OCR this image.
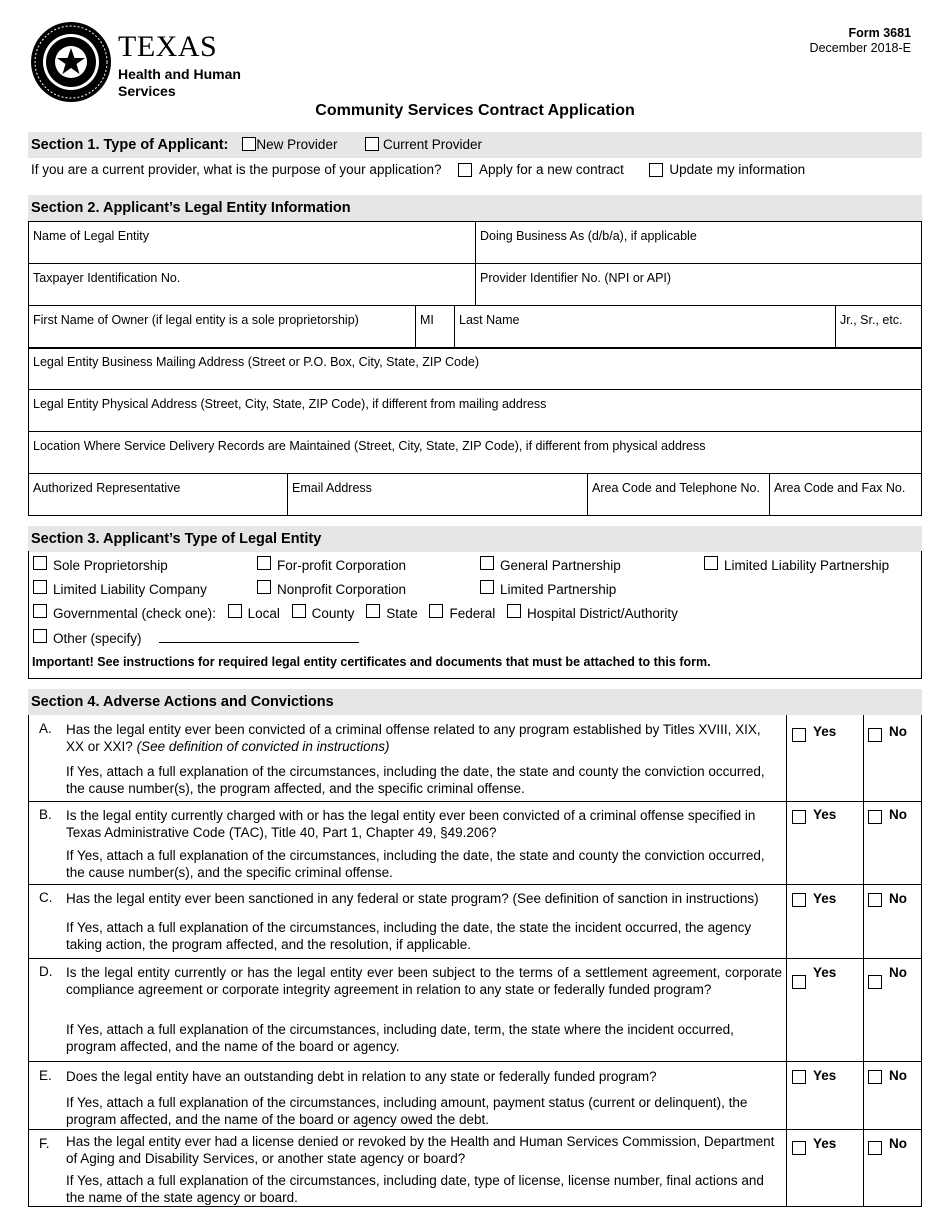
TEXAS
Health and Human
Services
Form 3681
December 2018-E
Community Services Contract Application
Section 1. Type of Applicant: New Provider	Current Provider
If you are a current provider, what is the purpose of your application?	Apply for a new contract	Update my information
Section 2. Applicant’s Legal Entity Information
Name of Legal Entity	Doing Business As (d/b/a), if applicable
Taxpayer Identification No.	Provider Identifier No. (NPI or API)
First Name of Owner (if legal entity is a sole proprietorship)	MI	Last Name	Jr., Sr., etc.
Legal Entity Business Mailing Address (Street or P.O. Box, City, State, ZIP Code)
Legal Entity Physical Address (Street, City, State, ZIP Code), if different from mailing address
Location Where Service Delivery Records are Maintained (Street, City, State, ZIP Code), if different from physical address
Authorized Representative	Email Address	Area Code and Telephone No.	Area Code and Fax No.
Section 3. Applicant’s Type of Legal Entity
Sole Proprietorship	For-profit Corporation	General Partnership	Limited Liability Partnership
Limited Liability Company	Nonprofit Corporation	Limited Partnership
Governmental (check one): Local County State Federal Hospital District/Authority
Other (specify)
Important! See instructions for required legal entity certificates and documents that must be attached to this form.
Section 4. Adverse Actions and Convictions
A. Has the legal entity ever been convicted of a criminal offense related to any program established by Titles XVIII, XIX, XX or XXI? (See definition of convicted in instructions)
If Yes, attach a full explanation of the circumstances, including the date, the state and county the conviction occurred, the cause number(s), the program affected, and the specific criminal offense.
Yes	No
B. Is the legal entity currently charged with or has the legal entity ever been convicted of a criminal offense specified in Texas Administrative Code (TAC), Title 40, Part 1, Chapter 49, §49.206?
If Yes, attach a full explanation of the circumstances, including the date, the state and county the conviction occurred, the cause number(s), and the specific criminal offense.
Yes	No
C. Has the legal entity ever been sanctioned in any federal or state program? (See definition of sanction in instructions)
If Yes, attach a full explanation of the circumstances, including the date, the state the incident occurred, the agency taking action, the program affected, and the resolution, if applicable.
Yes	No
D. Is the legal entity currently or has the legal entity ever been subject to the terms of a settlement agreement, corporate compliance agreement or corporate integrity agreement in relation to any state or federally funded program?
If Yes, attach a full explanation of the circumstances, including date, term, the state where the incident occurred, program affected, and the name of the board or agency.
Yes	No
E. Does the legal entity have an outstanding debt in relation to any state or federally funded program?
If Yes, attach a full explanation of the circumstances, including amount, payment status (current or delinquent), the program affected, and the name of the board or agency owed the debt.
Yes	No
F. Has the legal entity ever had a license denied or revoked by the Health and Human Services Commission, Department of Aging and Disability Services, or another state agency or board?
If Yes, attach a full explanation of the circumstances, including date, type of license, license number, final actions and the name of the state agency or board.
Yes	No
